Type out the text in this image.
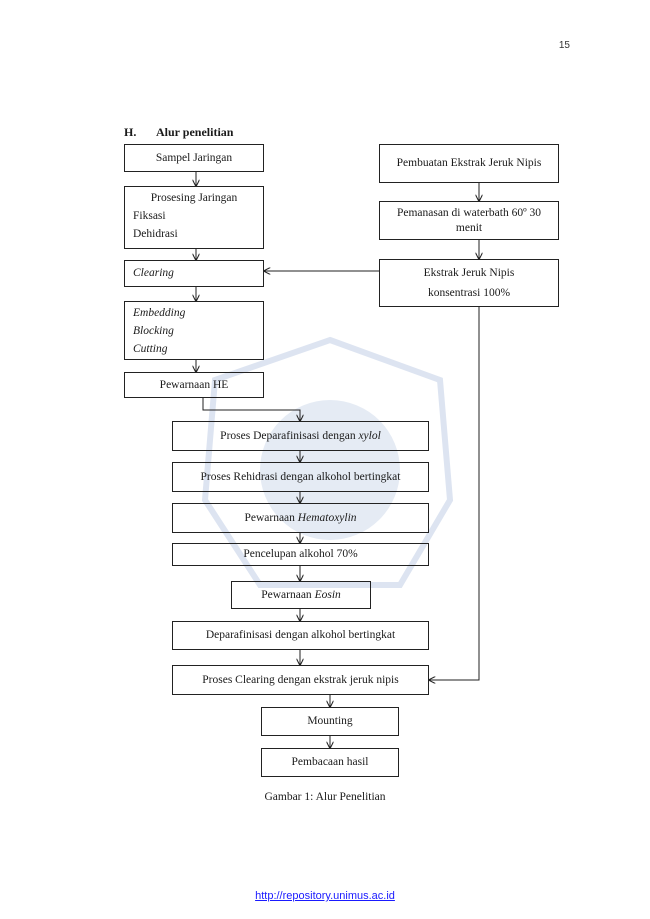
15
H. Alur penelitian
Sampel Jaringan
Prosesing Jaringan
Fiksasi
Dehidrasi
Clearing
Embedding
Blocking
Cutting
Pewarnaan HE
Pembuatan Ekstrak Jeruk Nipis
Pemanasan di waterbath 60º 30 menit
Ekstrak Jeruk Nipis konsentrasi 100%
Proses Deparafinisasi dengan xylol
Proses Rehidrasi dengan alkohol bertingkat
Pewarnaan Hematoxylin
Pencelupan alkohol 70%
Pewarnaan Eosin
Deparafinisasi dengan alkohol bertingkat
Proses Clearing dengan ekstrak jeruk nipis
Mounting
Pembacaan hasil
Gambar 1: Alur Penelitian
http://repository.unimus.ac.id
